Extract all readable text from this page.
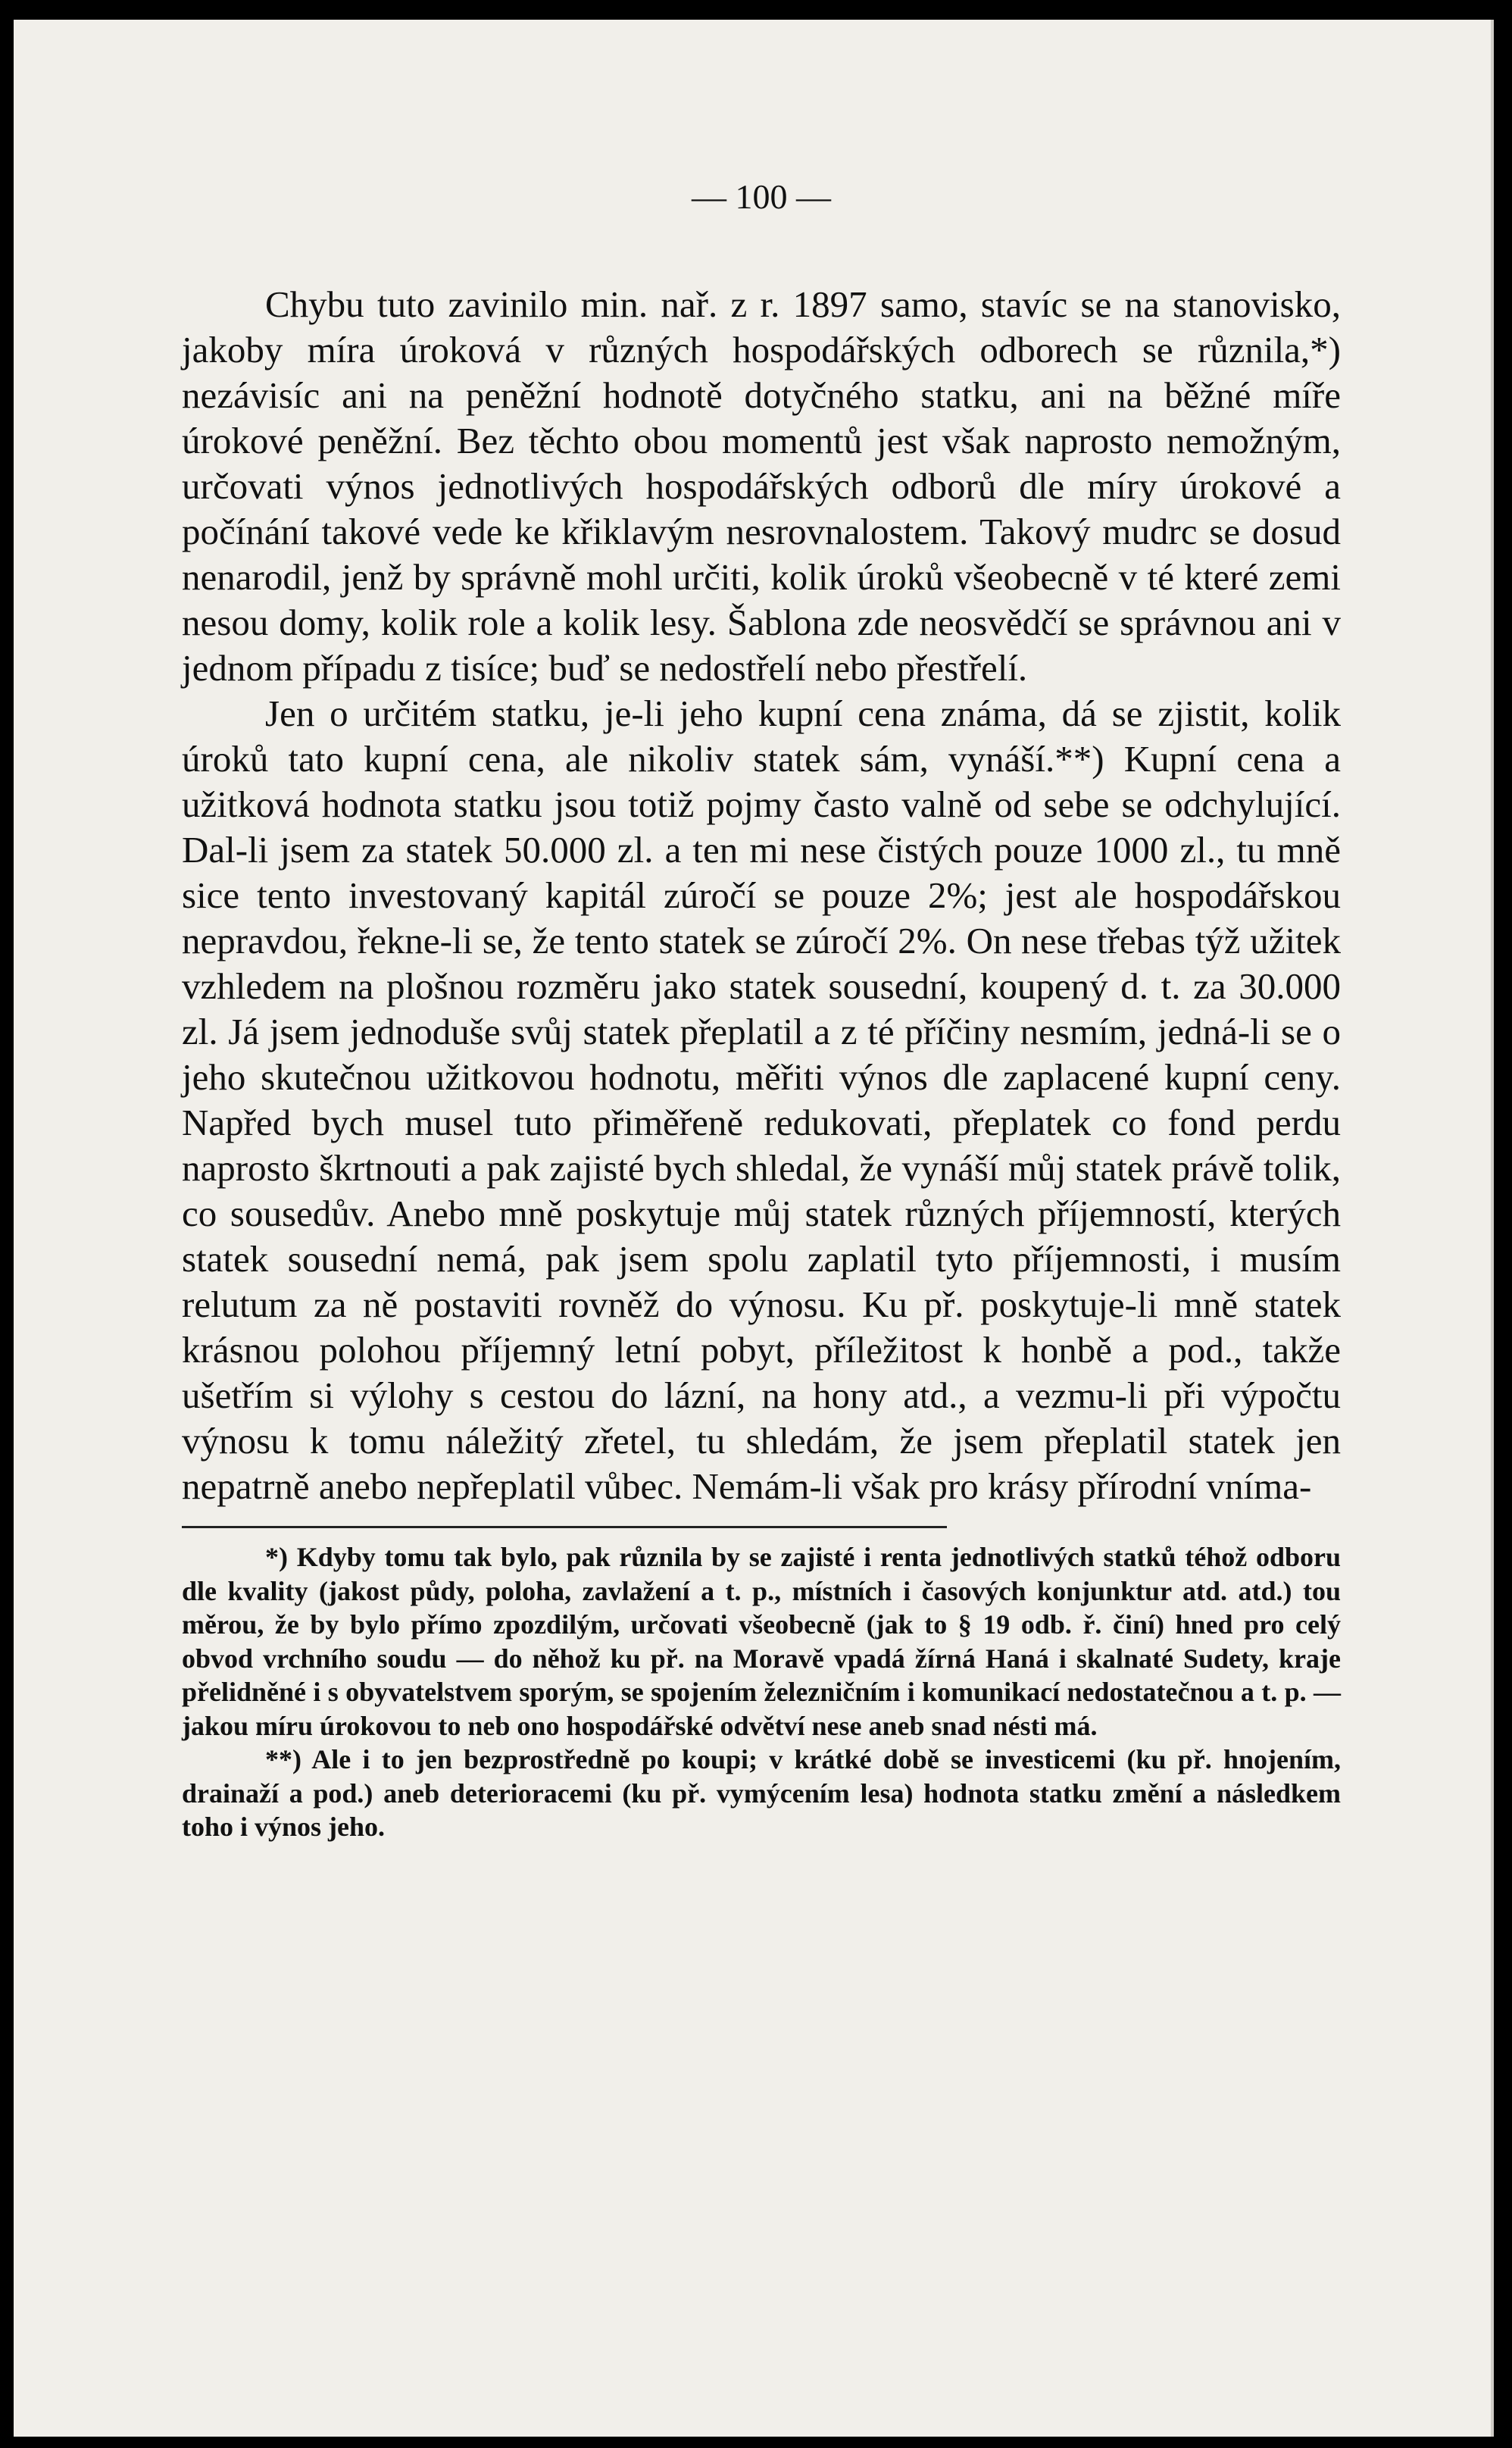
— 100 —

Chybu tuto zavinilo min. nař. z r. 1897 samo, stavíc se na stanovisko, jakoby míra úroková v různých hospodářských odborech se různila,*) nezávisíc ani na peněžní hodnotě dotyčného statku, ani na běžné míře úrokové peněžní. Bez těchto obou momentů jest však naprosto nemožným, určovati výnos jednotlivých hospodářských odborů dle míry úrokové a počínání takové vede ke křiklavým nesrovnalostem. Takový mudrc se dosud nenarodil, jenž by správně mohl určiti, kolik úroků všeobecně v té které zemi nesou domy, kolik role a kolik lesy. Šablona zde neosvědčí se správnou ani v jednom případu z tisíce; buď se nedostřelí nebo přestřelí.

Jen o určitém statku, je-li jeho kupní cena známa, dá se zjistit, kolik úroků tato kupní cena, ale nikoliv statek sám, vynáší.**) Kupní cena a užitková hodnota statku jsou totiž pojmy často valně od sebe se odchylující. Dal-li jsem za statek 50.000 zl. a ten mi nese čistých pouze 1000 zl., tu mně sice tento investovaný kapitál zúročí se pouze 2%; jest ale hospodářskou nepravdou, řekne-li se, že tento statek se zúročí 2%. On nese třebas týž užitek vzhledem na plošnou rozměru jako statek sousední, koupený d. t. za 30.000 zl. Já jsem jednoduše svůj statek přeplatil a z té příčiny nesmím, jedná-li se o jeho skutečnou užitkovou hodnotu, měřiti výnos dle zaplacené kupní ceny. Napřed bych musel tuto přiměřeně redukovati, přeplatek co fond perdu naprosto škrtnouti a pak zajisté bych shledal, že vynáší můj statek právě tolik, co sousedův. Anebo mně poskytuje můj statek různých příjemností, kterých statek sousední nemá, pak jsem spolu zaplatil tyto příjemnosti, i musím relutum za ně postaviti rovněž do výnosu. Ku př. poskytuje-li mně statek krásnou polohou příjemný letní pobyt, příležitost k honbě a pod., takže ušetřím si výlohy s cestou do lázní, na hony atd., a vezmu-li při výpočtu výnosu k tomu náležitý zřetel, tu shledám, že jsem přeplatil statek jen nepatrně anebo nepřeplatil vůbec. Nemám-li však pro krásy přírodní vníma-

*) Kdyby tomu tak bylo, pak různila by se zajisté i renta jednotlivých statků téhož odboru dle kvality (jakost půdy, poloha, zavlažení a t. p., místních i časových konjunktur atd. atd.) tou měrou, že by bylo přímo zpozdilým, určovati všeobecně (jak to § 19 odb. ř. činí) hned pro celý obvod vrchního soudu — do něhož ku př. na Moravě vpadá žírná Haná i skalnaté Sudety, kraje přelidněné i s obyvatelstvem sporým, se spojením železničním i komunikací nedostatečnou a t. p. — jakou míru úrokovou to neb ono hospodářské odvětví nese aneb snad nésti má.

**) Ale i to jen bezprostředně po koupi; v krátké době se investicemi (ku př. hnojením, drainaží a pod.) aneb deterioracemi (ku př. vymýcením lesa) hodnota statku změní a následkem toho i výnos jeho.
